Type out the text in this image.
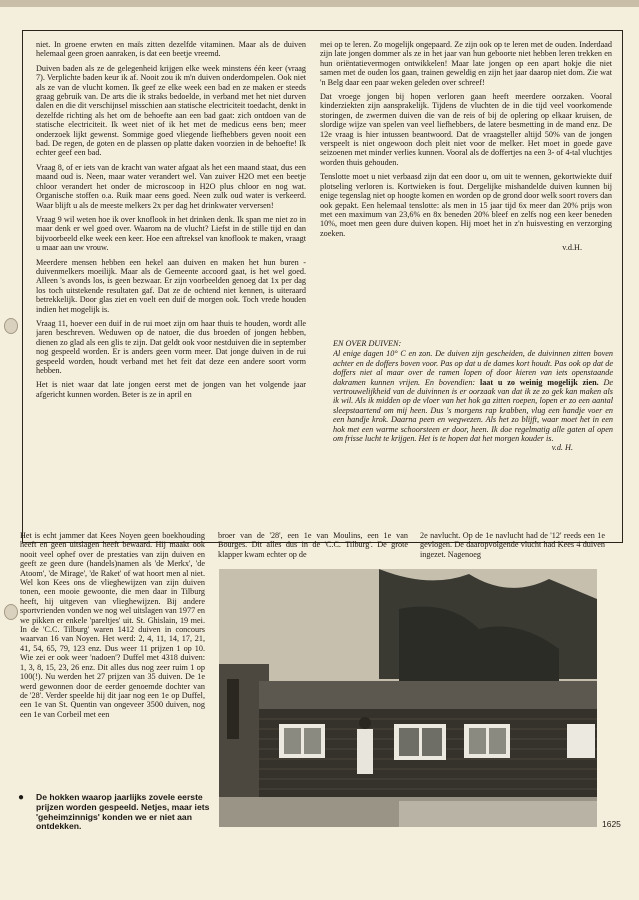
niet. In groene erwten en maïs zitten dezelfde vitaminen. Maar als de duiven helemaal geen groen aanraken, is dat een beetje vreemd.

Duiven baden als ze de gelegenheid krijgen elke week minstens één keer (vraag 7). Verplichte baden keur ik af. Nooit zou ik m'n duiven onderdompelen. Ook niet als ze van de vlucht komen. Ik geef ze elke week een bad en ze maken er steeds graag gebruik van. De arts die ik straks bedoelde, in verband met het niet durven dalen en die dit verschijnsel misschien aan statische electriciteit toedacht, denkt in dezelfde richting als het om de behoefte aan een bad gaat: zich ontdoen van de statische electriciteit. Ik weet niet of ik het met de medicus eens ben; meer onderzoek lijkt gewenst. Sommige goed vliegende liefhebbers geven nooit een bad. De regen, de goten en de plassen op platte daken voorzien in de behoefte! Ik echter geef een bad.

Vraag 8, of er iets van de kracht van water afgaat als het een maand staat, dus een maand oud is. Neen, maar water verandert wel. Van zuiver H2O met een beetje chloor verandert het onder de microscoop in H2O plus chloor en nog wat. Organische stoffen o.a. Ruik maar eens goed. Neen zulk oud water is verkeerd. Waar blijft u als de meeste melkers 2x per dag het drinkwater verversen!

Vraag 9 wil weten hoe ik over knoflook in het drinken denk. Ik span me niet zo in maar denk er wel goed over. Waarom na de vlucht? Liefst in de stille tijd en dan bijvoorbeeld elke week een keer. Hoe een aftreksel van knoflook te maken, vraagt u maar aan uw vrouw.

Meerdere mensen hebben een hekel aan duiven en maken het hun buren - duivenmelkers moeilijk. Maar als de Gemeente accoord gaat, is het wel goed. Alleen 's avonds los, is geen bezwaar. Er zijn voorbeelden genoeg dat 1x per dag los toch uitstekende resultaten gaf. Dat ze de ochtend niet kennen, is uiteraard betrekkelijk. Door glas ziet en voelt een duif de morgen ook. Toch vrede houden indien het mogelijk is.

Vraag 11, hoever een duif in de rui moet zijn om haar thuis te houden, wordt alle jaren beschreven. Weduwen op de natoer, die dus broeden of jongen hebben, dienen zo glad als een glis te zijn. Dat geldt ook voor nestduiven die in september nog gespeeld worden. Er is anders geen vorm meer. Dat jonge duiven in de rui gespeeld worden, houdt verband met het feit dat deze een andere soort vorm hebben.

Het is niet waar dat late jongen eerst met de jongen van het volgende jaar afgericht kunnen worden. Beter is ze in april en

mei op te leren. Zo mogelijk ongepaard. Ze zijn ook op te leren met de ouden. Inderdaad zijn late jongen dommer als ze in het jaar van hun geboorte niet hebben leren trekken en hun oriëntatievermogen ontwikkelen! Maar late jongen op een apart hokje die niet samen met de ouden los gaan, trainen geweldig en zijn het jaar daarop niet dom. Zie wat 'n Belg daar een paar weken geleden over schreef!

Dat vroege jongen bij hopen verloren gaan heeft meerdere oorzaken. Vooral kinderziekten zijn aansprakelijk. Tijdens de vluchten de in die tijd veel voorkomende storingen, de zwermen duiven die van de reis of bij de oplering op elkaar kruisen, de slordige wijze van spelen van veel liefhebbers, de latere besmetting in de mand enz. De 12e vraag is hier intussen beantwoord. Dat de vraagsteller altijd 50% van de jongen verspeelt is niet ongewoon doch pleit niet voor de melker. Het moet in goede gave seizoenen met minder verlies kunnen. Vooral als de doffertjes na een 3- of 4-tal vluchtjes worden thuis gehouden.

Tenslotte moet u niet verbaasd zijn dat een door u, om uit te wennen, gekortwiekte duif plotseling verloren is. Kortwieken is fout. Dergelijke mishandelde duiven kunnen bij enige tegenslag niet op hoogte komen en worden op de grond door welk soort rovers dan ook gepakt. Een helemaal tenslotte: als men in 15 jaar tijd 6x meer dan 20% prijs won met een maximum van 23,6% en 8x beneden 20% bleef en zelfs nog een keer beneden 10%, moet men geen dure duiven kopen. Hij moet het in z'n huisvesting en verzorging zoeken.

v.d.H.

EN OVER DUIVEN:

Al enige dagen 10° C en zon. De duiven zijn gescheiden, de duivinnen zitten boven achter en de doffers boven voor. Pas op dat u de dames kort houdt. Pas ook op dat de doffers niet al maar over de ramen lopen of door kieren van iets openstaande dakramen kunnen vrijen. En bovendien: laat u zo weinig mogelijk zien. De vertrouwelijkheid van de duivinnen is er oorzaak van dat ik ze zo gek kan maken als ik wil. Als ik midden op de vloer van het hok ga zitten roepen, lopen er zo een aantal sleepstaartend om mij heen. Dus 's morgens rap krabben, vlug een handje voer en een handje krok. Daarna peen en wegwezen. Als het zo blijft, waar moet het in een hok met een warme schoorsteen er door, heen. Ik doe regelmatig alle gaten al open om frisse lucht te krijgen. Het is te hopen dat het morgen kouder is.

v.d. H.

Het is echt jammer dat Kees Noyen geen boekhouding heeft en geen uitslagen heeft bewaard. Hij maakt ook nooit veel ophef over de prestaties van zijn duiven en geeft ze geen dure (handels)namen als 'de Merkx', 'de Atoom', 'de Mirage', 'de Raket' of wat hoort men al niet. Wel kon Kees ons de vlieghewijzen van zijn duiven tonen, een mooie gewoonte, die men daar in Tilburg heeft, hij uitgeven van vlieghewijzen. Bij andere sportvrienden vonden we nog wel uitslagen van 1977 en we pikken er enkele 'pareltjes' uit. St. Ghislain, 19 mei. In de 'C.C. Tilburg' waren 1412 duiven in concours waarvan 16 van Noyen. Het werd: 2, 4, 11, 14, 17, 21, 41, 54, 65, 79, 123 enz. Dus weer 11 prijzen 1 op 10. Wie zei er ook weer 'nadoen'? Duffel met 4318 duiven: 1, 3, 8, 15, 23, 26 enz. Dit alles dus nog zeer ruim 1 op 100(!). Nu werden het 27 prijzen van 35 duiven. De 1e werd gewonnen door de eerder genoemde dochter van de '28'. Verder speelde hij dit jaar nog een 1e op Duffel, een 1e van St. Quentin van ongeveer 3500 duiven, nog een 1e van Corbeil met een

broer van de '28', een 1e van Moulins, een 1e van Bourges. Dit alles dus in de 'C.C. Tilburg'. De grote klapper kwam echter op de

2e navlucht. Op de 1e navlucht had de '12' reeds een 1e gevlogen. De daaropvolgende vlucht had Kees 4 duiven ingezet. Nagenoeg

●	De hokken waarop jaarlijks zovele eerste prijzen worden gespeeld. Netjes, maar iets 'geheimzinnigs' konden we er niet aan ontdekken.	1625
